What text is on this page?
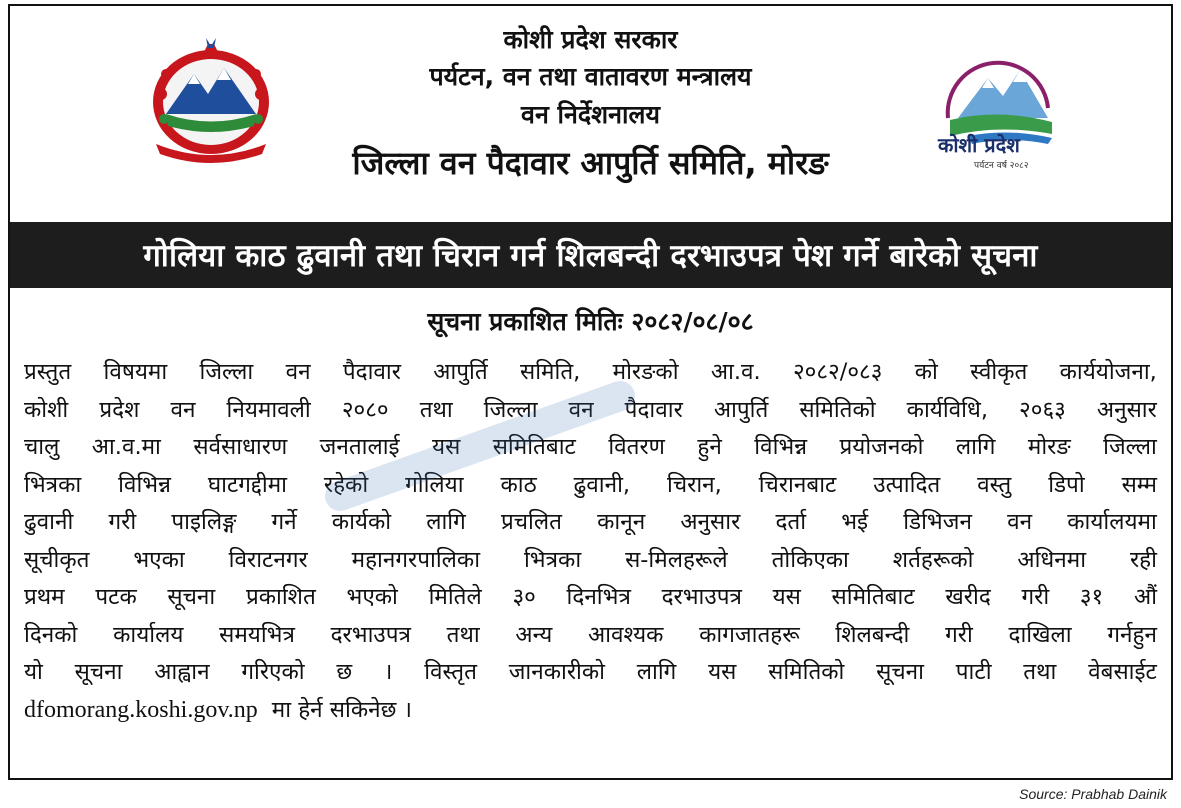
कोशी प्रदेश सरकार
पर्यटन, वन तथा वातावरण मन्त्रालय
वन निर्देशनालय
जिल्ला वन पैदावार आपुर्ति समिति, मोरङ	कोशी प्रदेश
पर्यटन वर्ष २०८२
गोलिया काठ ढुवानी तथा चिरान गर्न शिलबन्दी दरभाउपत्र पेश गर्ने बारेको सूचना
सूचना प्रकाशित मितिः २०८२/०८/०८
प्रस्तुत विषयमा जिल्ला वन पैदावार आपुर्ति समिति, मोरङको आ.व. २०८२/०८३ को स्वीकृत कार्ययोजना,
कोशी प्रदेश वन नियमावली २०८० तथा जिल्ला वन पैदावार आपुर्ति समितिको कार्यविधि, २०६३ अनुसार
चालु आ.व.मा सर्वसाधारण जनतालाई यस समितिबाट वितरण हुने विभिन्न प्रयोजनको लागि मोरङ जिल्ला
भित्रका विभिन्न घाटगद्दीमा रहेको गोलिया काठ ढुवानी, चिरान, चिरानबाट उत्पादित वस्तु डिपो सम्म
ढुवानी गरी पाइलिङ्ग गर्ने कार्यको लागि प्रचलित कानून अनुसार दर्ता भई डिभिजन वन कार्यालयमा
सूचीकृत भएका विराटनगर महानगरपालिका भित्रका स-मिलहरूले तोकिएका शर्तहरूको अधिनमा रही
प्रथम पटक सूचना प्रकाशित भएको मितिले ३० दिनभित्र दरभाउपत्र यस समितिबाट खरीद गरी ३१ औं
दिनको कार्यालय समयभित्र दरभाउपत्र तथा अन्य आवश्यक कागजातहरू शिलबन्दी गरी दाखिला गर्नहुन
यो सूचना आह्वान गरिएको छ । विस्तृत जानकारीको लागि यस समितिको सूचना पाटी तथा वेबसाईट
dfomorang.koshi.gov.np मा हेर्न सकिनेछ ।
Source: Prabhab Dainik
